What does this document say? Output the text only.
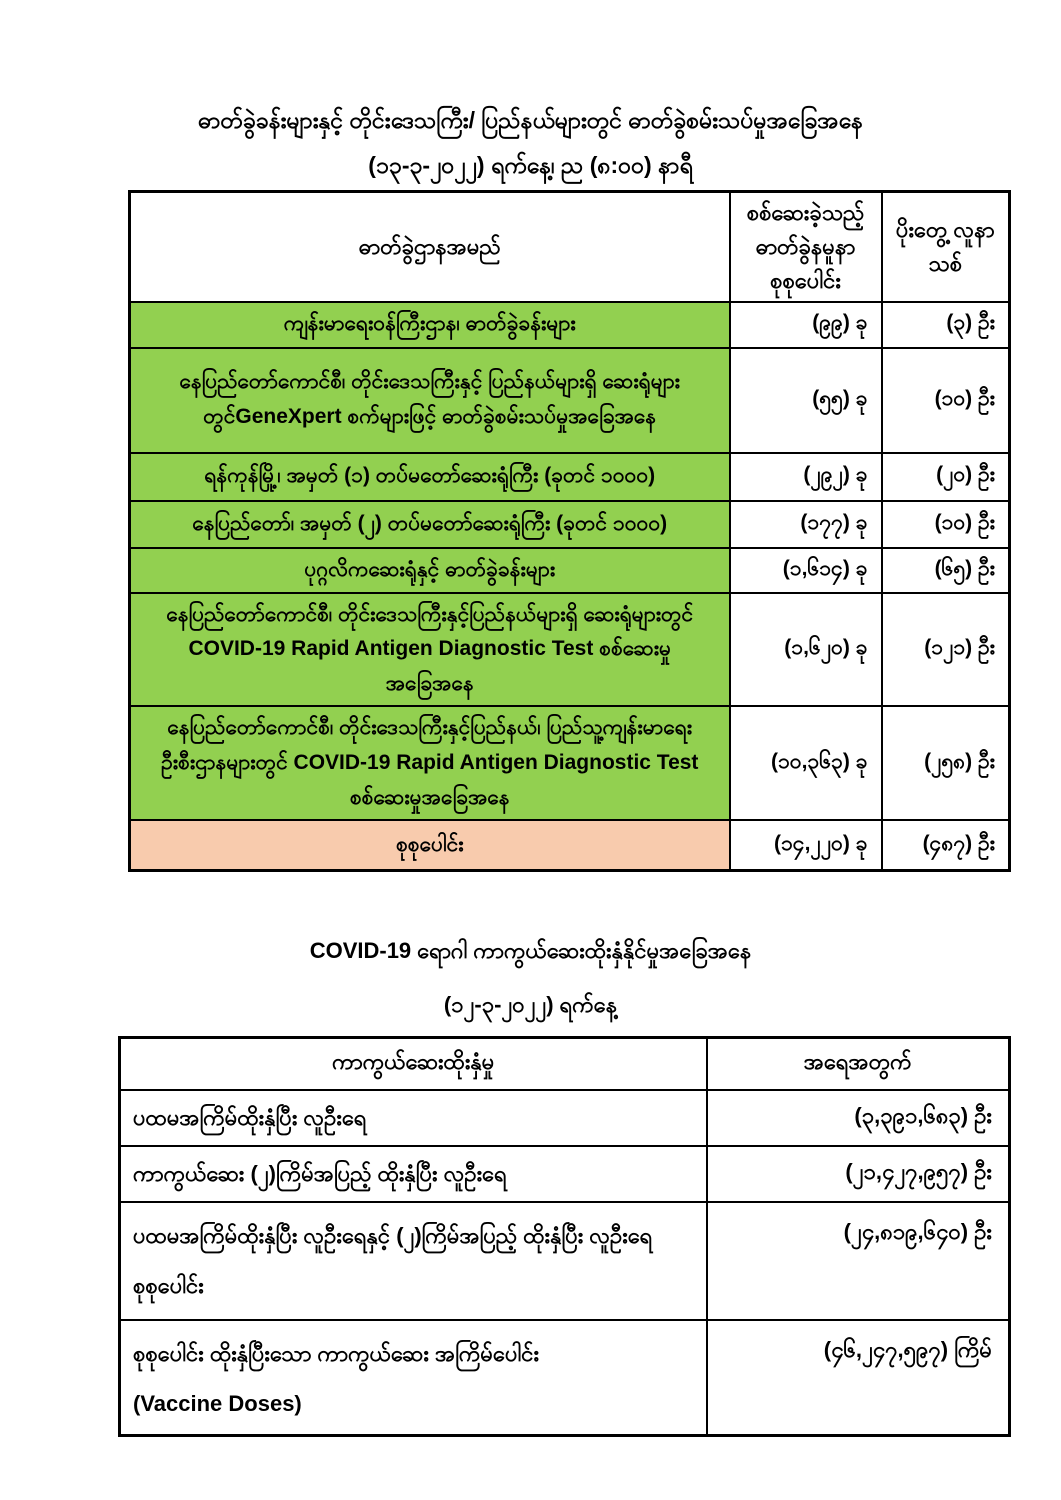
ဓာတ်ခွဲခန်းများနှင့် တိုင်းဒေသကြီး/ ပြည်နယ်များတွင် ဓာတ်ခွဲစမ်းသပ်မှုအခြေအနေ
(၁၃-၃-၂၀၂၂) ရက်နေ့၊ ည (၈:၀၀) နာရီ
ဓာတ်ခွဲဌာနအမည်	စစ်ဆေးခဲ့သည့် ဓာတ်ခွဲနမူနာ စုစုပေါင်း	ပိုးတွေ့ လူနာသစ်
ကျန်းမာရေးဝန်ကြီးဌာန၊ ဓာတ်ခွဲခန်းများ	(၉၉) ခု	(၃) ဦး
နေပြည်တော်ကောင်စီ၊ တိုင်းဒေသကြီးနှင့် ပြည်နယ်များရှိ ဆေးရုံများတွင်GeneXpert စက်များဖြင့် ဓာတ်ခွဲစမ်းသပ်မှုအခြေအနေ	(၅၅) ခု	(၁၀) ဦး
ရန်ကုန်မြို့၊ အမှတ် (၁) တပ်မတော်ဆေးရုံကြီး (ခုတင် ၁၀၀၀)	(၂၉၂) ခု	(၂၀) ဦး
နေပြည်တော်၊ အမှတ် (၂) တပ်မတော်ဆေးရုံကြီး (ခုတင် ၁၀၀၀)	(၁၇၇) ခု	(၁၀) ဦး
ပုဂ္ဂလိကဆေးရုံနှင့် ဓာတ်ခွဲခန်းများ	(၁,၆၁၄) ခု	(၆၅) ဦး
နေပြည်တော်ကောင်စီ၊ တိုင်းဒေသကြီးနှင့်ပြည်နယ်များရှိ ဆေးရုံများတွင် COVID-19 Rapid Antigen Diagnostic Test စစ်ဆေးမှုအခြေအနေ	(၁,၆၂၀) ခု	(၁၂၁) ဦး
နေပြည်တော်ကောင်စီ၊ တိုင်းဒေသကြီးနှင့်ပြည်နယ်၊ ပြည်သူ့ကျန်းမာရေးဦးစီးဌာနများတွင် COVID-19 Rapid Antigen Diagnostic Test စစ်ဆေးမှုအခြေအနေ	(၁၀,၃၆၃) ခု	(၂၅၈) ဦး
စုစုပေါင်း	(၁၄,၂၂၀) ခု	(၄၈၇) ဦး
COVID-19 ရောဂါ ကာကွယ်ဆေးထိုးနှံနိုင်မှုအခြေအနေ
(၁၂-၃-၂၀၂၂) ရက်နေ့
ကာကွယ်ဆေးထိုးနှံမှု	အရေအတွက်

ပထမအကြိမ်ထိုးနှံပြီး လူဦးရေ	(၃,၃၉၁,၆၈၃) ဦး

ကာကွယ်ဆေး (၂)ကြိမ်အပြည့် ထိုးနှံပြီး လူဦးရေ	(၂၁,၄၂၇,၉၅၇) ဦး

ပထမအကြိမ်ထိုးနှံပြီး လူဦးရေနှင့် (၂)ကြိမ်အပြည့် ထိုးနှံပြီး လူဦးရေစုစုပေါင်း	(၂၄,၈၁၉,၆၄၀) ဦး

စုစုပေါင်း ထိုးနှံပြီးသော ကာကွယ်ဆေး အကြိမ်ပေါင်း
(Vaccine Doses)	(၄၆,၂၄၇,၅၉၇) ကြိမ်
